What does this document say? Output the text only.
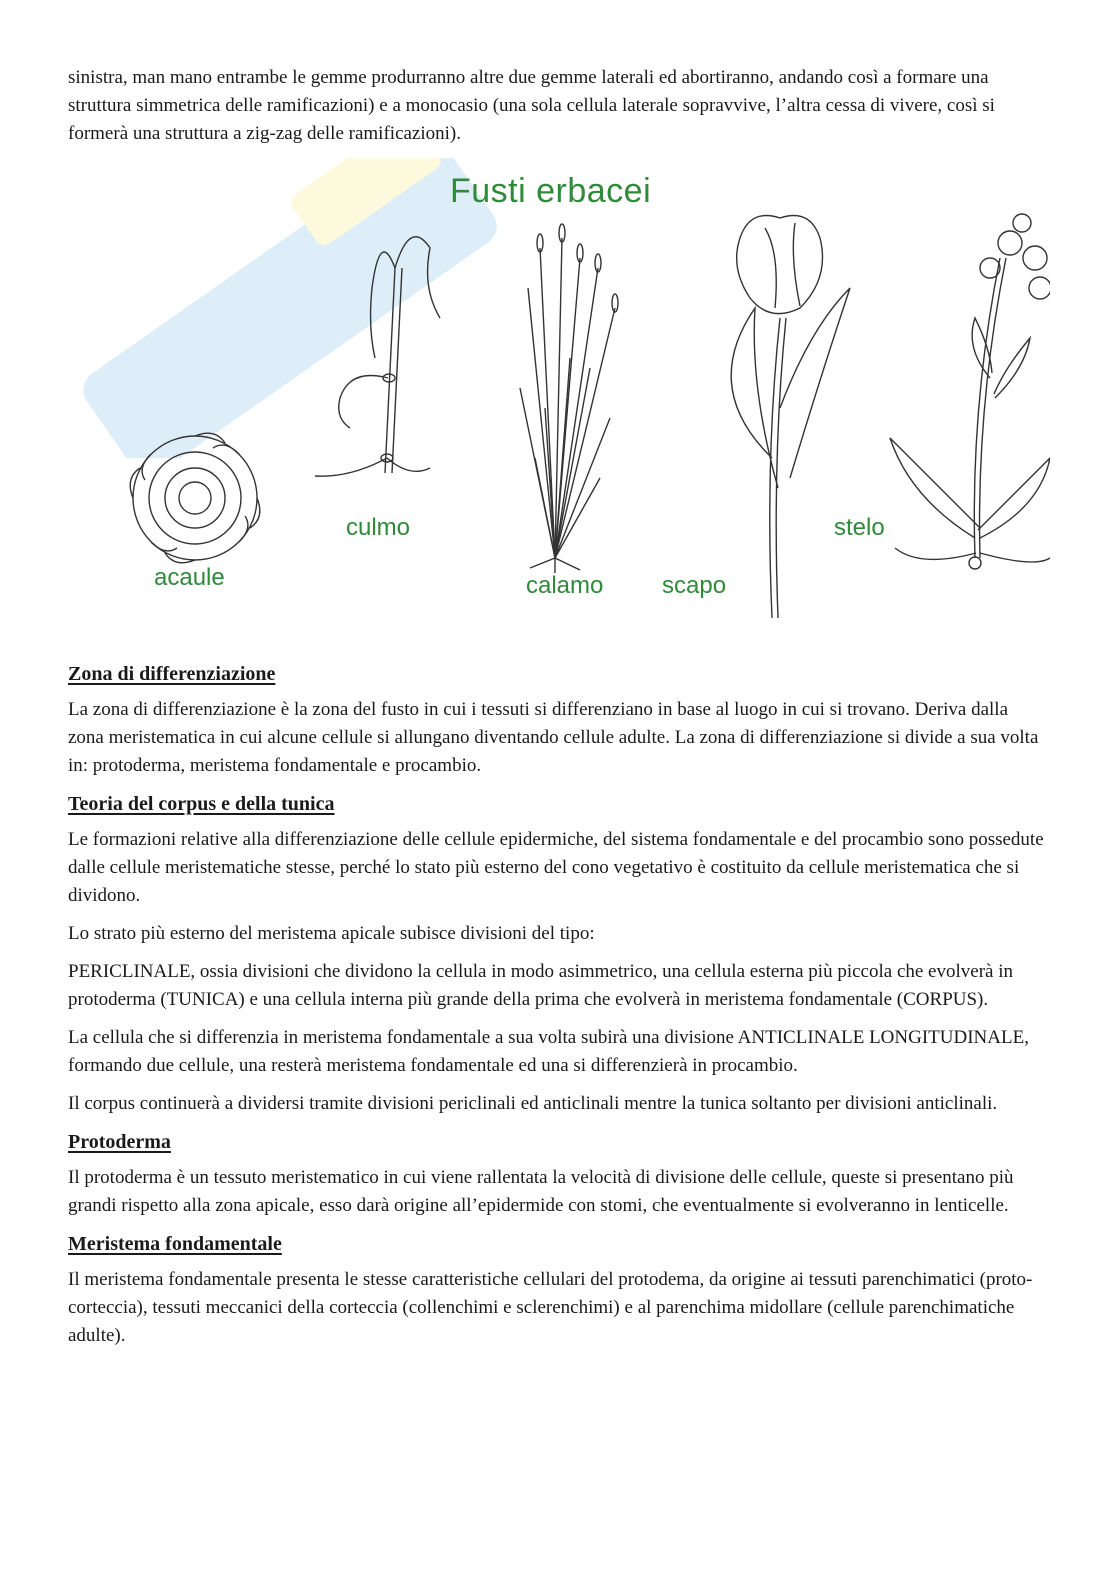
sinistra, man mano entrambe le gemme produrranno altre due gemme laterali ed abortiranno, andando così a formare una struttura simmetrica delle ramificazioni) e a monocasio (una sola cellula laterale sopravvive, l’altra cessa di vivere, così si formerà una struttura a zig-zag delle ramificazioni).

Fusti erbacei
acaule
culmo
calamo scapo
stelo
Zona di differenziazione

La zona di differenziazione è la zona del fusto in cui i tessuti si differenziano in base al luogo in cui si trovano. Deriva dalla zona meristematica in cui alcune cellule si allungano diventando cellule adulte. La zona di differenziazione si divide a sua volta in: protoderma, meristema fondamentale e procambio.

Teoria del corpus e della tunica

Le formazioni relative alla differenziazione delle cellule epidermiche, del sistema fondamentale e del procambio sono possedute dalle cellule meristematiche stesse, perché lo stato più esterno del cono vegetativo è costituito da cellule meristematica che si dividono.

Lo strato più esterno del meristema apicale subisce divisioni del tipo:

PERICLINALE, ossia divisioni che dividono la cellula in modo asimmetrico, una cellula esterna più piccola che evolverà in protoderma (TUNICA) e una cellula interna più grande della prima che evolverà in meristema fondamentale (CORPUS).

La cellula che si differenzia in meristema fondamentale a sua volta subirà una divisione ANTICLINALE LONGITUDINALE, formando due cellule, una resterà meristema fondamentale ed una si differenzierà in procambio.

Il corpus continuerà a dividersi tramite divisioni periclinali ed anticlinali mentre la tunica soltanto per divisioni anticlinali.

Protoderma

Il protoderma è un tessuto meristematico in cui viene rallentata la velocità di divisione delle cellule, queste si presentano più grandi rispetto alla zona apicale, esso darà origine all’epidermide con stomi, che eventualmente si evolveranno in lenticelle.

Meristema fondamentale

Il meristema fondamentale presenta le stesse caratteristiche cellulari del protodema, da origine ai tessuti parenchimatici (proto-corteccia), tessuti meccanici della corteccia (collenchimi e sclerenchimi) e al parenchima midollare (cellule parenchimatiche adulte).
